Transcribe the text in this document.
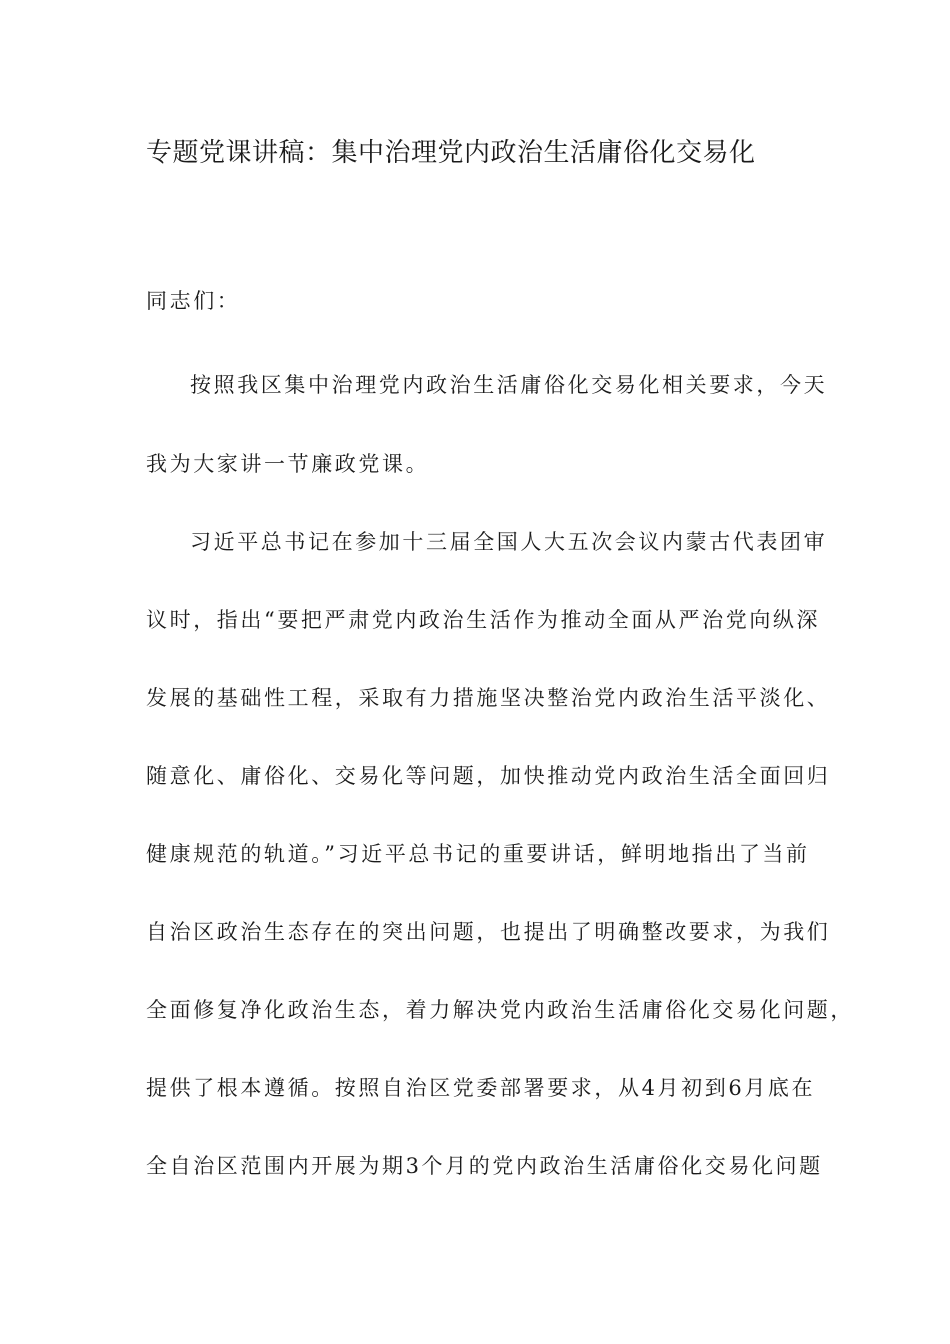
专题党课讲稿：集中治理党内政治生活庸俗化交易化
同志们：
按照我区集中治理党内政治生活庸俗化交易化相关要求，今天
我为大家讲一节廉政党课。
习近平总书记在参加十三届全国人大五次会议内蒙古代表团审
议时，指出“要把严肃党内政治生活作为推动全面从严治党向纵深
发展的基础性工程，采取有力措施坚决整治党内政治生活平淡化、
随意化、庸俗化、交易化等问题，加快推动党内政治生活全面回归
健康规范的轨道。”习近平总书记的重要讲话，鲜明地指出了当前
自治区政治生态存在的突出问题，也提出了明确整改要求，为我们
全面修复净化政治生态，着力解决党内政治生活庸俗化交易化问题，
提供了根本遵循。按照自治区党委部署要求，从4月初到6月底在
全自治区范围内开展为期3个月的党内政治生活庸俗化交易化问题
